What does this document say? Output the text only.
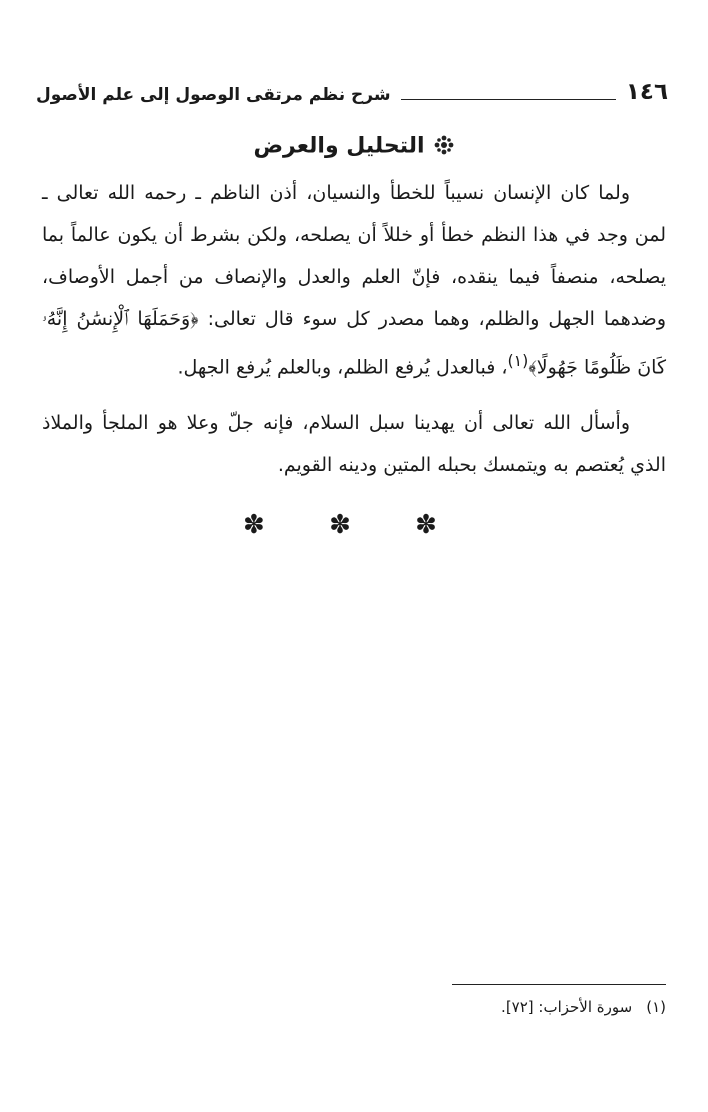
١٤٦
شرح نظم مرتقى الوصول إلى علم الأصول
التحليل والعرض

ولما كان الإنسان نسيباً للخطأ والنسيان، أذن الناظم ـ رحمه الله تعالى ـ لمن وجد في هذا النظم خطأ أو خللاً أن يصلحه، ولكن بشرط أن يكون عالماً بما يصلحه، منصفاً فيما ينقده، فإنّ العلم والعدل والإنصاف من أجمل الأوصاف، وضدهما الجهل والظلم، وهما مصدر كل سوء قال تعالى: ﴿وَحَمَلَهَا ٱلْإِنسَٰنُ إِنَّهُۥ كَانَ ظَلُومًا جَهُولًا﴾$^{(١)}$، فبالعدل يُرفع الظلم، وبالعلم يُرفع الجهل.

وأسأل الله تعالى أن يهدينا سبل السلام، فإنه جلّ وعلا هو الملجأ والملاذ الذي يُعتصم به ويتمسك بحبله المتين ودينه القويم.

✽ ✽ ✽
(١)سورة الأحزاب: [٧٢].
